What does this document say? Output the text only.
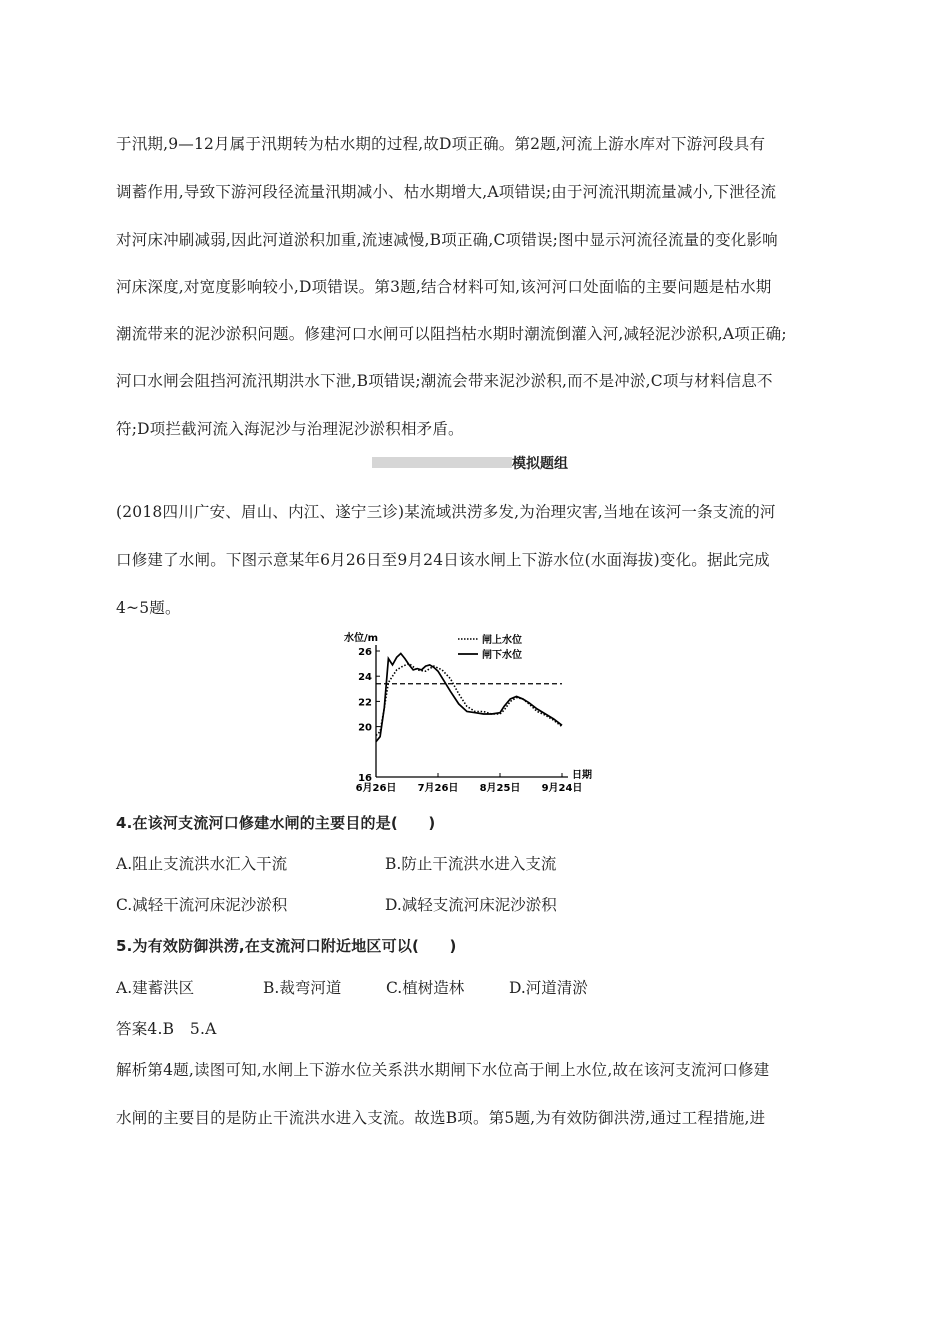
于汛期,9—12月属于汛期转为枯水期的过程,故D项正确。第2题,河流上游水库对下游河段具有
调蓄作用,导致下游河段径流量汛期减小、枯水期增大,A项错误;由于河流汛期流量减小,下泄径流
对河床冲刷减弱,因此河道淤积加重,流速减慢,B项正确,C项错误;图中显示河流径流量的变化影响
河床深度,对宽度影响较小,D项错误。第3题,结合材料可知,该河河口处面临的主要问题是枯水期
潮流带来的泥沙淤积问题。修建河口水闸可以阻挡枯水期时潮流倒灌入河,减轻泥沙淤积,A项正确;
河口水闸会阻挡河流汛期洪水下泄,B项错误;潮流会带来泥沙淤积,而不是冲淤,C项与材料信息不
符;D项拦截河流入海泥沙与治理泥沙淤积相矛盾。
模拟题组
(2018四川广安、眉山、内江、遂宁三诊)某流域洪涝多发,为治理灾害,当地在该河一条支流的河
口修建了水闸。下图示意某年6月26日至9月24日该水闸上下游水位(水面海拔)变化。据此完成
4~5题。
水位/m
日期
闸上水位
闸下水位
16
20
22
24
26
6月26日 7月26日 8月25日 9月24日
4.在该河支流河口修建水闸的主要目的是(　　)
A.阻止支流洪水汇入干流	B.防止干流洪水进入支流
C.减轻干流河床泥沙淤积	D.减轻支流河床泥沙淤积
5.为有效防御洪涝,在支流河口附近地区可以(　　)
A.建蓄洪区	B.裁弯河道	C.植树造林	D.河道清淤
答案4.B　5.A
解析第4题,读图可知,水闸上下游水位关系洪水期闸下水位高于闸上水位,故在该河支流河口修建
水闸的主要目的是防止干流洪水进入支流。故选B项。第5题,为有效防御洪涝,通过工程措施,进
